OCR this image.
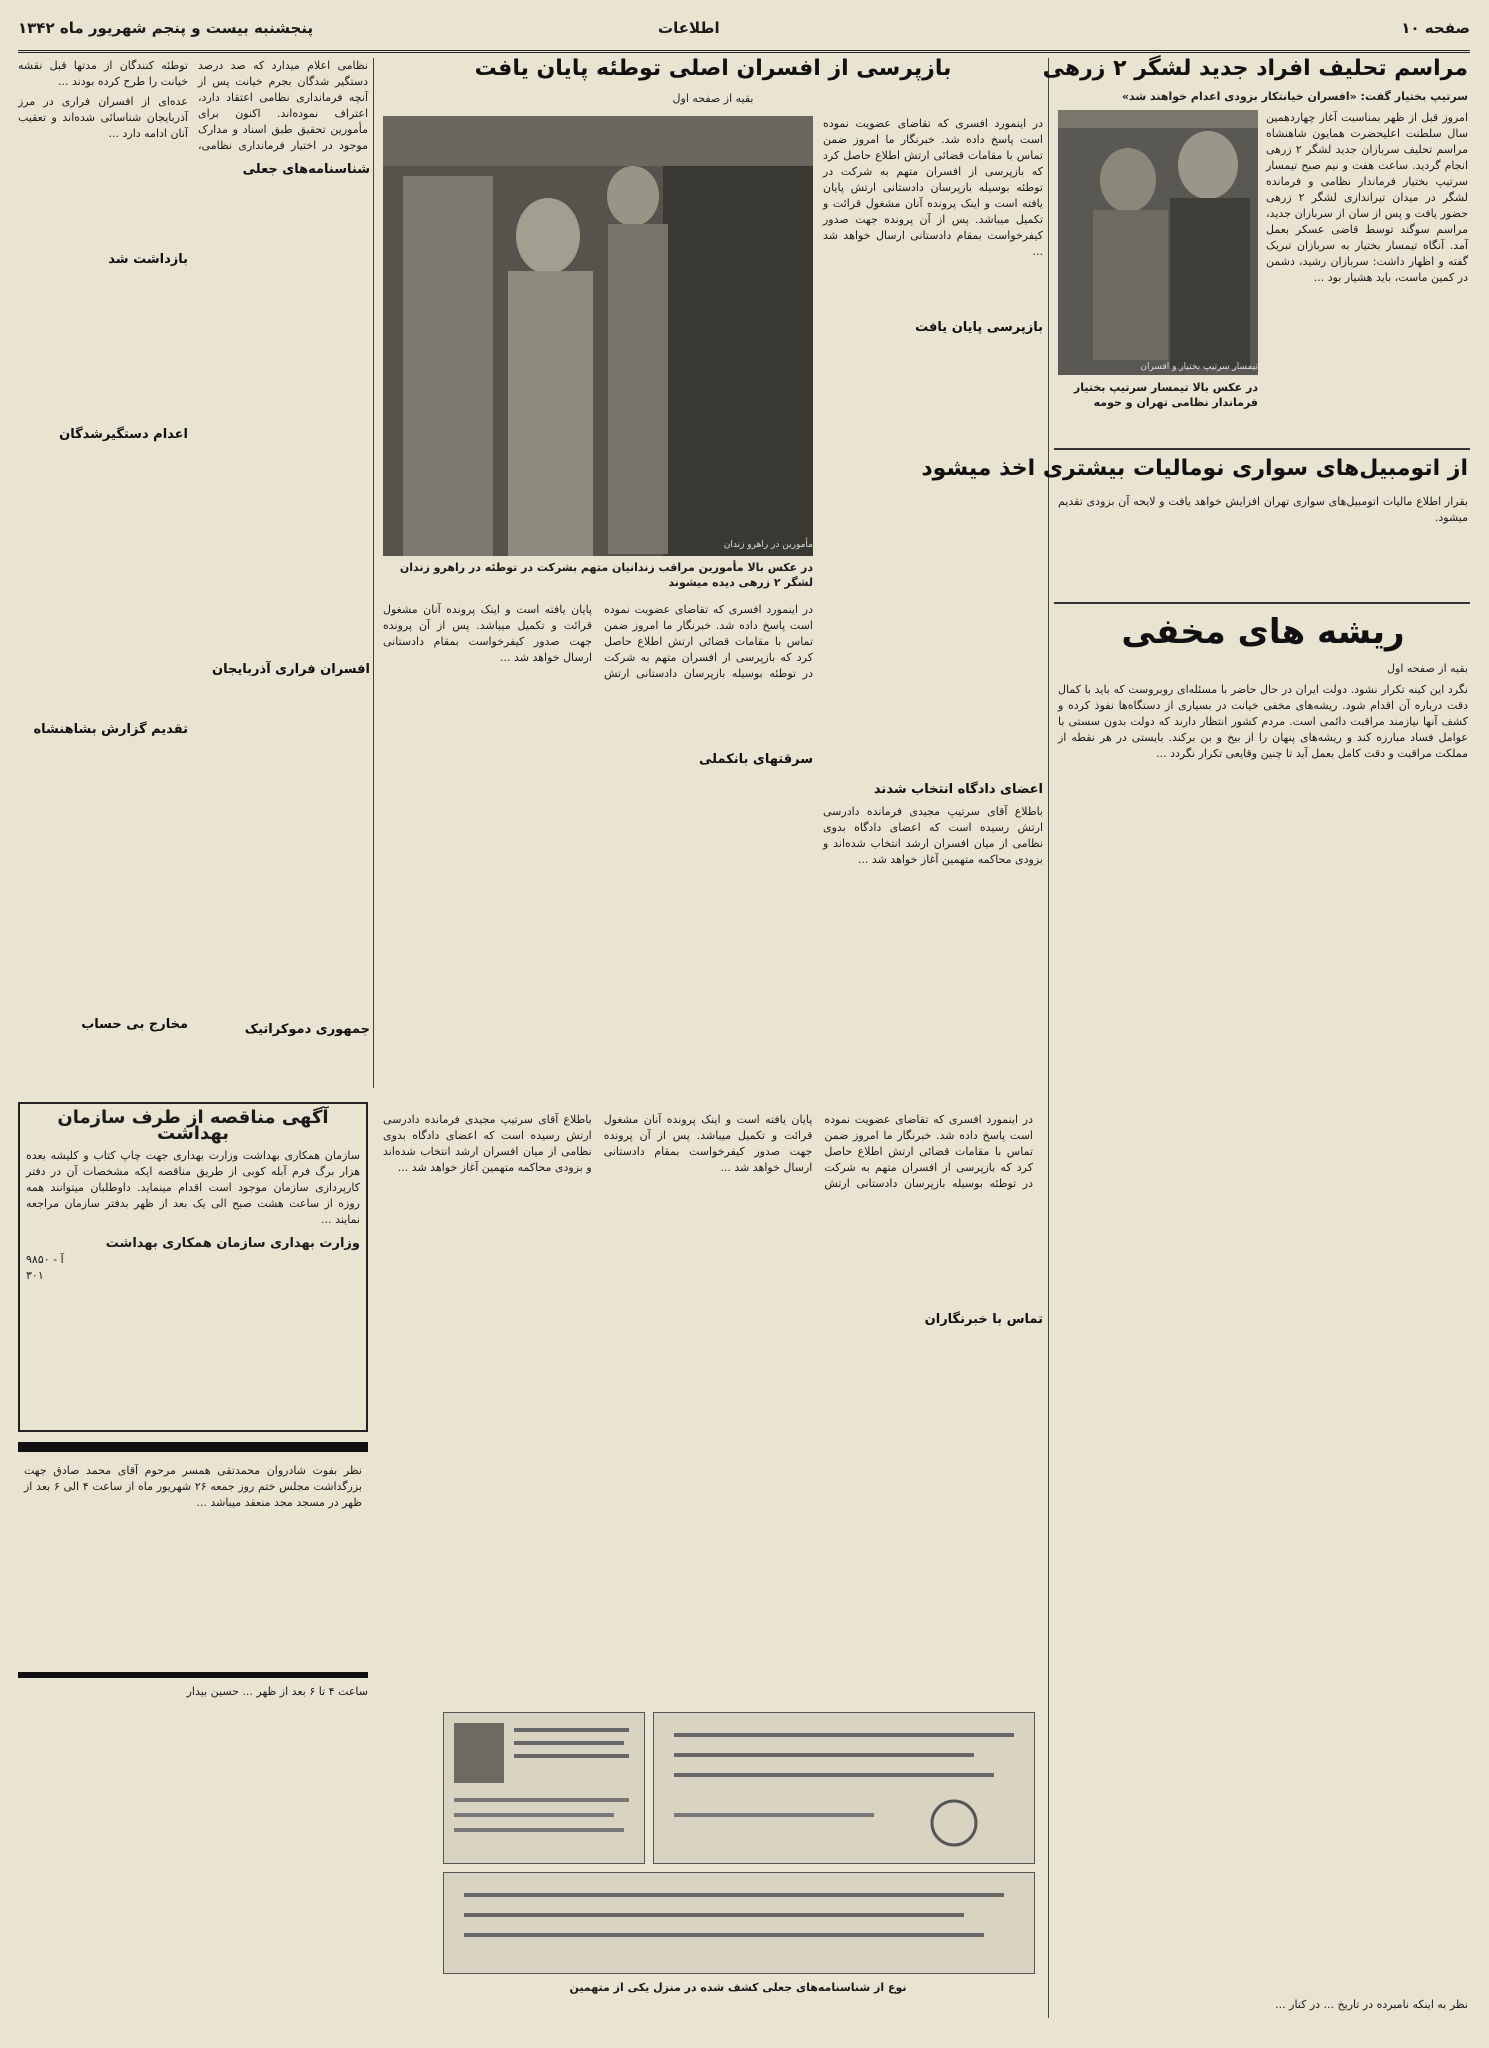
پنجشنبه بیست و پنجم شهریور ماه ۱۳۴۲	اطلاعات	صفحه ۱۰
مراسم تحلیف افراد جدید لشگر ۲ زرهی
سرتیپ بختیار گفت: «افسران خیانتکار بزودی اعدام خواهند شد»

امروز قبل از ظهر بمناسبت آغاز چهاردهمین سال سلطنت اعلیحضرت همایون شاهنشاه مراسم تحلیف سربازان جدید لشگر ۲ زرهی انجام گردید. ساعت هفت و نیم صبح تیمسار سرتیپ بختیار فرماندار نظامی و فرمانده لشگر در میدان تیراندازی لشگر ۲ زرهی حضور یافت و پس از سان از سربازان جدید، مراسم سوگند توسط قاضی عسکر بعمل آمد. آنگاه تیمسار بختیار به سربازان تبریک گفته و اظهار داشت: سربازان رشید، دشمن در کمین ماست، باید هشیار بود ...

در عکس بالا تیمسار سرتیپ بختیار فرماندار نظامی تهران و حومه
از اتومبیل‌های سواری نومالیات بیشتری اخذ میشود

بقرار اطلاع مالیات اتومبیل‌های سواری تهران افزایش خواهد یافت و لایحه آن بزودی تقدیم میشود.

ریشه های مخفی
بقیه از صفحه اول

نگرد این کینه تکرار نشود. دولت ایران در حال حاضر با مسئله‌ای روبروست که باید با کمال دقت درباره آن اقدام شود. ریشه‌های مخفی خیانت در بسیاری از دستگاه‌ها نفوذ کرده و کشف آنها نیازمند مراقبت دائمی است. مردم کشور انتظار دارند که دولت بدون سستی با عوامل فساد مبارزه کند و ریشه‌های پنهان را از بیخ و بن برکند. بایستی در هر نقطه از مملکت مراقبت و دقت کامل بعمل آید تا چنین وقایعی تکرار نگردد ...

بازپرسی از افسران اصلی توطئه پایان یافت
بقیه از صفحه اول
در عکس بالا مأمورین مراقب زندانیان متهم بشرکت در توطئه در راهرو زندان لشگر ۲ زرهی دیده میشوند

در اینمورد افسری که تقاضای عضویت نموده است پاسخ داده شد. خبرنگار ما امروز ضمن تماس با مقامات قضائی ارتش اطلاع حاصل کرد که بازپرسی از افسران متهم به شرکت در توطئه بوسیله بازپرسان دادستانی ارتش پایان یافته است و اینک پرونده آنان مشغول قرائت و تکمیل میباشد. پس از آن پرونده جهت صدور کیفرخواست بمقام دادستانی ارسال خواهد شد ...

بازپرسی پایان یافت
اعضای دادگاه انتخاب شدند

باطلاع آقای سرتیپ مجیدی فرمانده دادرسی ارتش رسیده است که اعضای دادگاه بدوی نظامی از میان افسران ارشد انتخاب شده‌اند و بزودی محاکمه متهمین آغاز خواهد شد ...

در اینمورد افسری که تقاضای عضویت نموده است پاسخ داده شد. خبرنگار ما امروز ضمن تماس با مقامات قضائی ارتش اطلاع حاصل کرد که بازپرسی از افسران متهم به شرکت در توطئه بوسیله بازپرسان دادستانی ارتش پایان یافته است و اینک پرونده آنان مشغول قرائت و تکمیل میباشد. پس از آن پرونده جهت صدور کیفرخواست بمقام دادستانی ارسال خواهد شد ...

سرقتهای بانکملی
تماس با خبرنگاران
نوع از شناسنامه‌های جعلی کشف شده در منزل یکی از متهمین

نظامی اعلام میدارد که صد درصد دستگیر شدگان بجرم خیانت پس از آنچه فرمانداری نظامی اعتقاد دارد، اعتراف نموده‌اند. اکنون برای مأمورین تحقیق طبق اسناد و مدارک موجود در اختیار فرمانداری نظامی، توطئه کنندگان از مدتها قبل نقشه خیانت را طرح کرده بودند ...

عده‌ای از افسران فراری در مرز آذربایجان شناسائی شده‌اند و تعقیب آنان ادامه دارد ...

شناسنامه‌های جعلی
بازداشت شد
اعدام دستگیرشدگان
افسران فراری آذربایجان
تقدیم گزارش بشاهنشاه
جمهوری دموکراتیک
مخارج بی حساب
آگهی مناقصه از طرف سازمان بهداشت
سازمان همکاری بهداشت وزارت بهداری جهت چاپ کتاب و کلیشه بعده هزار برگ فرم آبله کوبی از طریق مناقصه ایکه مشخصات آن در دفتر کارپردازی سازمان موجود است اقدام مینماید. داوطلبان میتوانند همه روزه از ساعت هشت صبح الی یک بعد از ظهر بدفتر سازمان مراجعه نمایند ...
وزارت بهداری سازمان همکاری بهداشت
آ - ۹۸۵۰
۳۰۱
نظر بفوت شادروان محمدتقی همسر مرحوم آقای محمد صادق جهت بزرگداشت مجلس ختم روز جمعه ۲۶ شهریور ماه از ساعت ۴ الی ۶ بعد از ظهر در مسجد مجد منعقد میباشد ...

ساعت ۴ تا ۶ بعد از ظهر ... حسین بیدار

در اینمورد افسری که تقاضای عضویت نموده است پاسخ داده شد. خبرنگار ما امروز ضمن تماس با مقامات قضائی ارتش اطلاع حاصل کرد که بازپرسی از افسران متهم به شرکت در توطئه بوسیله بازپرسان دادستانی ارتش پایان یافته است و اینک پرونده آنان مشغول قرائت و تکمیل میباشد. پس از آن پرونده جهت صدور کیفرخواست بمقام دادستانی ارسال خواهد شد ...

باطلاع آقای سرتیپ مجیدی فرمانده دادرسی ارتش رسیده است که اعضای دادگاه بدوی نظامی از میان افسران ارشد انتخاب شده‌اند و بزودی محاکمه متهمین آغاز خواهد شد ...

نظر به اینکه نامبرده در تاریخ ... در کنار ...

تیمسار سرتیپ بختیار و افسران
مأمورین در راهرو زندان
